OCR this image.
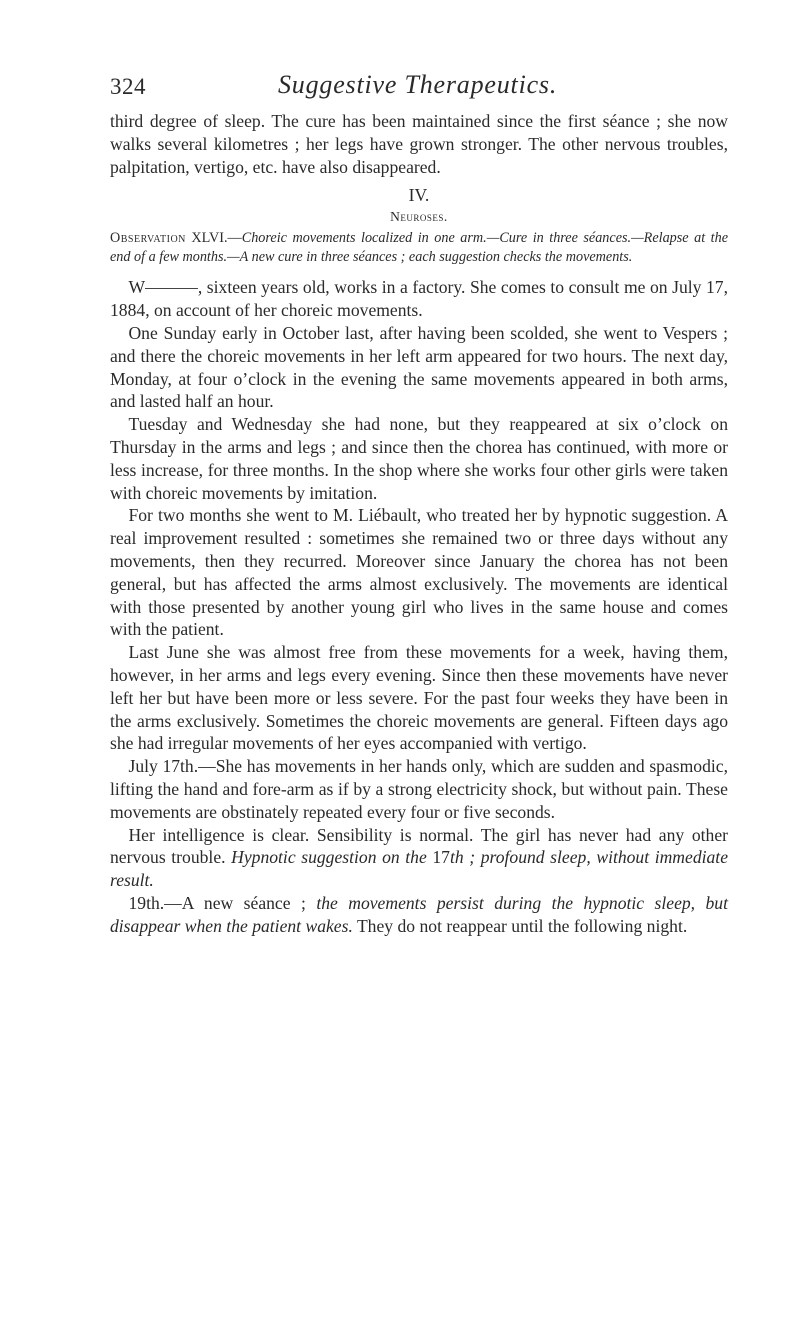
324	Suggestive Therapeutics.

third degree of sleep. The cure has been maintained since the first séance ; she now walks several kilometres ; her legs have grown stronger. The other nervous troubles, palpitation, vertigo, etc. have also disappeared.

IV.
Neuroses.
Observation XLVI.—Choreic movements localized in one arm.—Cure in three séances.—Relapse at the end of a few months.—A new cure in three séances ; each suggestion checks the movements.

W———, sixteen years old, works in a factory. She comes to consult me on July 17, 1884, on account of her choreic movements.

One Sunday early in October last, after having been scolded, she went to Vespers ; and there the choreic movements in her left arm appeared for two hours. The next day, Monday, at four o’clock in the evening the same movements appeared in both arms, and lasted half an hour.

Tuesday and Wednesday she had none, but they reappeared at six o’clock on Thursday in the arms and legs ; and since then the chorea has continued, with more or less increase, for three months. In the shop where she works four other girls were taken with choreic movements by imitation.

For two months she went to M. Liébault, who treated her by hypnotic suggestion. A real improvement resulted : sometimes she remained two or three days without any movements, then they recurred. Moreover since January the chorea has not been general, but has affected the arms almost exclusively. The movements are identical with those presented by another young girl who lives in the same house and comes with the patient.

Last June she was almost free from these movements for a week, having them, however, in her arms and legs every evening. Since then these movements have never left her but have been more or less severe. For the past four weeks they have been in the arms exclusively. Sometimes the choreic movements are general. Fifteen days ago she had irregular movements of her eyes accompanied with vertigo.

July 17th.—She has movements in her hands only, which are sudden and spasmodic, lifting the hand and fore-arm as if by a strong electricity shock, but without pain. These movements are obstinately repeated every four or five seconds.

Her intelligence is clear. Sensibility is normal. The girl has never had any other nervous trouble. Hypnotic suggestion on the 17th ; profound sleep, without immediate result.

19th.—A new séance ; the movements persist during the hypnotic sleep, but disappear when the patient wakes. They do not reappear until the following night.
